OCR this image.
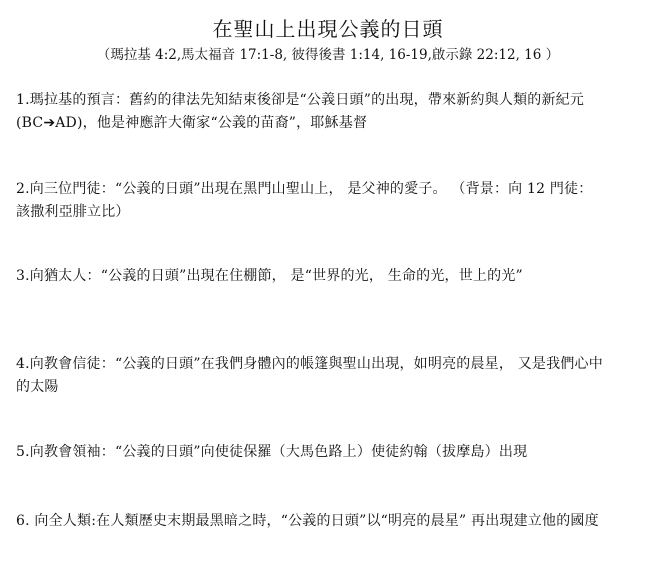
在聖山上出現公義的日頭
（瑪拉基 4:2,馬太福音 17:1-8, 彼得後書 1:14, 16-19,啟示錄 22:12, 16 ）

1.瑪拉基的預言：舊約的律法先知結束後卻是“公義日頭”的出現，帶來新約與人類的新紀元(BC➔AD)，他是神應許大衛家“公義的苗裔”，耶穌基督

2.向三位門徒：“公義的日頭”出現在黑門山聖山上， 是父神的愛子。 （背景：向 12 門徒：該撒利亞腓立比）

3.向猶太人：“公義的日頭”出現在住棚節， 是“世界的光， 生命的光，世上的光”

4.向教會信徒：“公義的日頭”在我們身體內的帳篷與聖山出現，如明亮的晨星， 又是我們心中的太陽

5.向教會領袖：“公義的日頭”向使徒保羅（大馬色路上）使徒約翰（拔摩島）出現

6. 向全人類:在人類歷史末期最黑暗之時，“公義的日頭”以“明亮的晨星” 再出現建立他的國度
